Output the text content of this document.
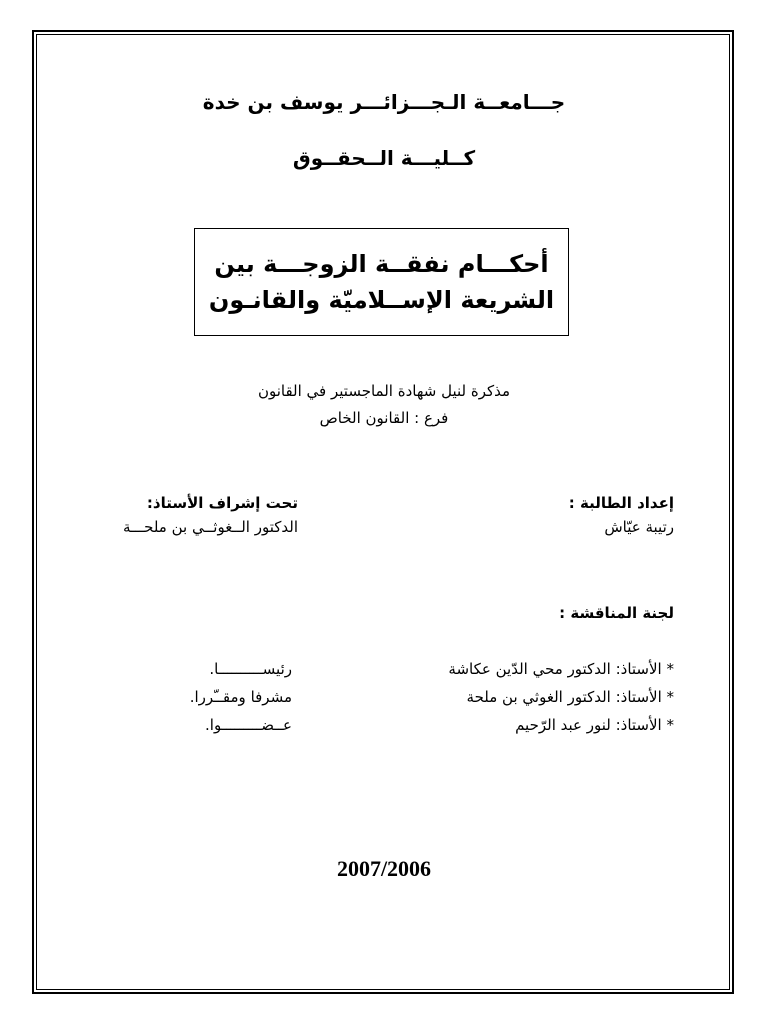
جـــامعــة الـجـــزائـــر يوسف بن خدة
كــليـــة الــحقــوق
أحكـــام نفقــة الزوجـــة بين
الشريعة الإســلاميّة والقانـون
مذكرة لنيل شهادة الماجستير في القانون
فرع : القانون الخاص
إعداد الطالبة :
رتيبة عيّاش
تحت إشراف الأستاذ:
الدكتور الــغوثــي بن ملحـــة
لجنة المناقشة :
* الأستاذ: الدكتور محي الدّين عكاشة
رئيســــــــــا.
* الأستاذ: الدكتور الغوثي بن ملحة
مشرفا ومقــّررا.
* الأستاذ: لنور عبد الرّحيم
عــضـــــــــوا.
2007/2006
